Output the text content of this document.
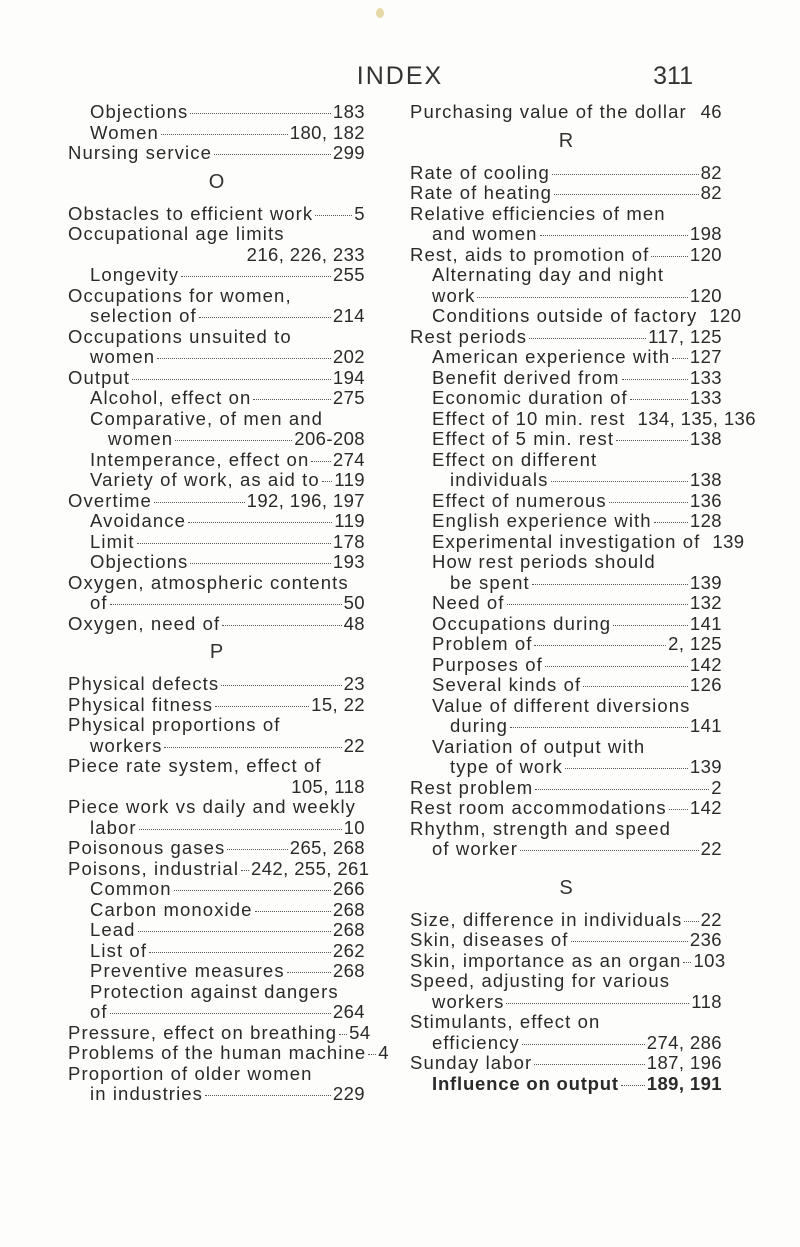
INDEX	311
Objections	183
Women	180, 182
Nursing service	299
O
Obstacles to efficient work 5
Occupational age limits
216, 226, 233
Longevity	255
Occupations for women,
selection of	214
Occupations unsuited to
women	202
Output	194
Alcohol, effect on	275
Comparative, of men and
women	206-208
Intemperance, effect on 274
Variety of work, as aid to 119
Overtime	192, 196, 197
Avoidance	119
Limit	178
Objections	193
Oxygen, atmospheric contents
of	50
Oxygen, need of	48
P
Physical defects	23
Physical fitness	15, 22
Physical proportions of
workers	22
Piece rate system, effect of
105, 118
Piece work vs daily and weekly
labor	10
Poisonous gases	265, 268
Poisons, industrial 242, 255, 261
Common	266
Carbon monoxide	268
Lead	268
List of	262
Preventive measures	268
Protection against dangers
of	264
Pressure, effect on breathing 54
Problems of the human machine 4
Proportion of older women
in industries	229
Purchasing value of the dollar 46
R
Rate of cooling	82
Rate of heating	82
Relative efficiencies of men
and women	198
Rest, aids to promotion of 120
Alternating day and night
work	120
Conditions outside of factory 120
Rest periods	117, 125
American experience with 127
Benefit derived from	133
Economic duration of	133
Effect of 10 min. rest 134, 135, 136
Effect of 5 min. rest	138
Effect on different
individuals	138
Effect of numerous	136
English experience with 128
Experimental investigation of 139
How rest periods should
be spent	139
Need of	132
Occupations during	141
Problem of	2, 125
Purposes of	142
Several kinds of	126
Value of different diversions
during	141
Variation of output with
type of work	139
Rest problem	2
Rest room accommodations 142
Rhythm, strength and speed
of worker	22
S
Size, difference in individuals 22
Skin, diseases of	236
Skin, importance as an organ 103
Speed, adjusting for various
workers	118
Stimulants, effect on
efficiency	274, 286
Sunday labor	187, 196
Influence on output 189, 191
